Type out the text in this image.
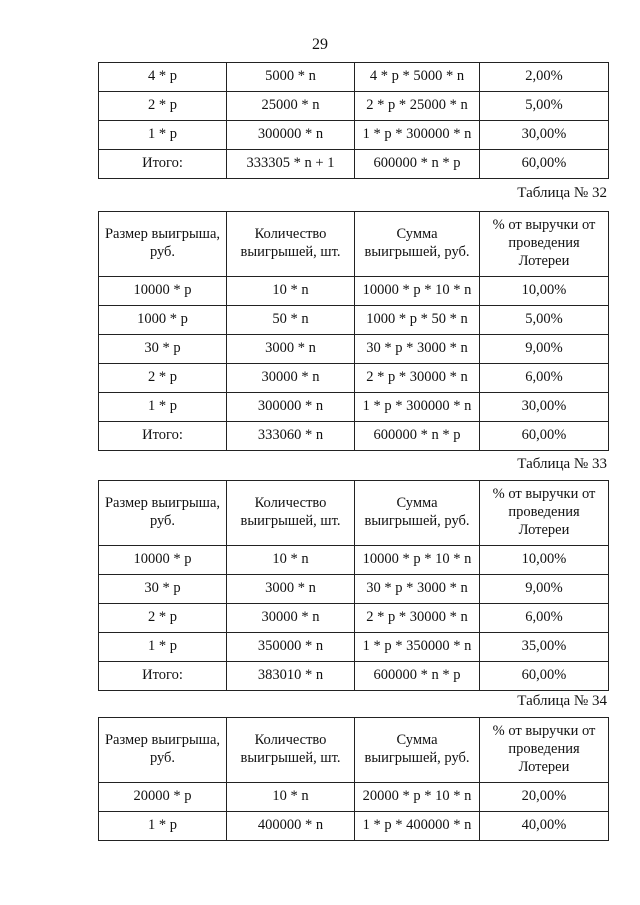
29
4 * p	5000 * n	4 * p * 5000 * n	2,00%
2 * p	25000 * n	2 * p * 25000 * n	5,00%
1 * p	300000 * n	1 * p * 300000 * n	30,00%
Итого:	333305 * n + 1	600000 * n * p	60,00%
Таблица № 32
Размер выигрыша, руб.	Количество выигрышей, шт.	Сумма выигрышей, руб.	% от выручки от проведения Лотереи
10000 * p	10 * n	10000 * p * 10 * n	10,00%
1000 * p	50 * n	1000 * p * 50 * n	5,00%
30 * p	3000 * n	30 * p * 3000 * n	9,00%
2 * p	30000 * n	2 * p * 30000 * n	6,00%
1 * p	300000 * n	1 * p * 300000 * n	30,00%
Итого:	333060 * n	600000 * n * p	60,00%
Таблица № 33
Размер выигрыша, руб.	Количество выигрышей, шт.	Сумма выигрышей, руб.	% от выручки от проведения Лотереи
10000 * p	10 * n	10000 * p * 10 * n	10,00%
30 * p	3000 * n	30 * p * 3000 * n	9,00%
2 * p	30000 * n	2 * p * 30000 * n	6,00%
1 * p	350000 * n	1 * p * 350000 * n	35,00%
Итого:	383010 * n	600000 * n * p	60,00%
Таблица № 34
Размер выигрыша, руб.	Количество выигрышей, шт.	Сумма выигрышей, руб.	% от выручки от проведения Лотереи
20000 * p	10 * n	20000 * p * 10 * n	20,00%
1 * p	400000 * n	1 * p * 400000 * n	40,00%
